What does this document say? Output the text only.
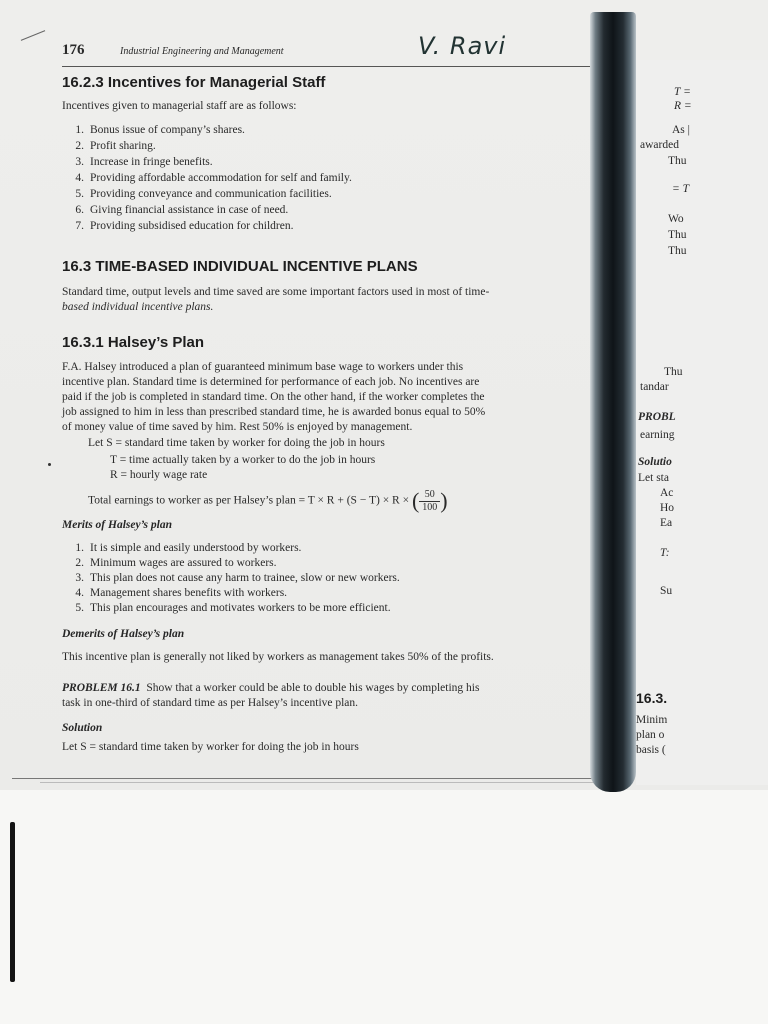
176	Industrial Engineering and Management	V. Ravi
16.2.3 Incentives for Managerial Staff
Incentives given to managerial staff are as follows:
1. Bonus issue of company’s shares.
2. Profit sharing.
3. Increase in fringe benefits.
4. Providing affordable accommodation for self and family.
5. Providing conveyance and communication facilities.
6. Giving financial assistance in case of need.
7. Providing subsidised education for children.
16.3 TIME-BASED INDIVIDUAL INCENTIVE PLANS
Standard time, output levels and time saved are some important factors used in most of time-
based individual incentive plans.
16.3.1 Halsey’s Plan
F.A. Halsey introduced a plan of guaranteed minimum base wage to workers under this
incentive plan. Standard time is determined for performance of each job. No incentives are
paid if the job is completed in standard time. On the other hand, if the worker completes the
job assigned to him in less than prescribed standard time, he is awarded bonus equal to 50%
of money value of time saved by him. Rest 50% is enjoyed by management.
Let S = standard time taken by worker for doing the job in hours
T = time actually taken by a worker to do the job in hours
R = hourly wage rate
Total earnings to worker as per Halsey’s plan = T × R + (S − T) × R × ( $\frac{50}{100}$ )
Merits of Halsey’s plan
1. It is simple and easily understood by workers.
2. Minimum wages are assured to workers.
3. This plan does not cause any harm to trainee, slow or new workers.
4. Management shares benefits with workers.
5. This plan encourages and motivates workers to be more efficient.
Demerits of Halsey’s plan
This incentive plan is generally not liked by workers as management takes 50% of the profits.
PROBLEM 16.1 Show that a worker could be able to double his wages by completing his
task in one-third of standard time as per Halsey’s incentive plan.
Solution
Let S = standard time taken by worker for doing the job in hours
T =
R =
As |
awarded
Thu
= T
Wo
Thu
Thu
Thu
tandar
PROBL
earning
Solutio
Let sta
Ac
Ho
Ea
T:
Su
16.3.
Minim
plan o
basis (
